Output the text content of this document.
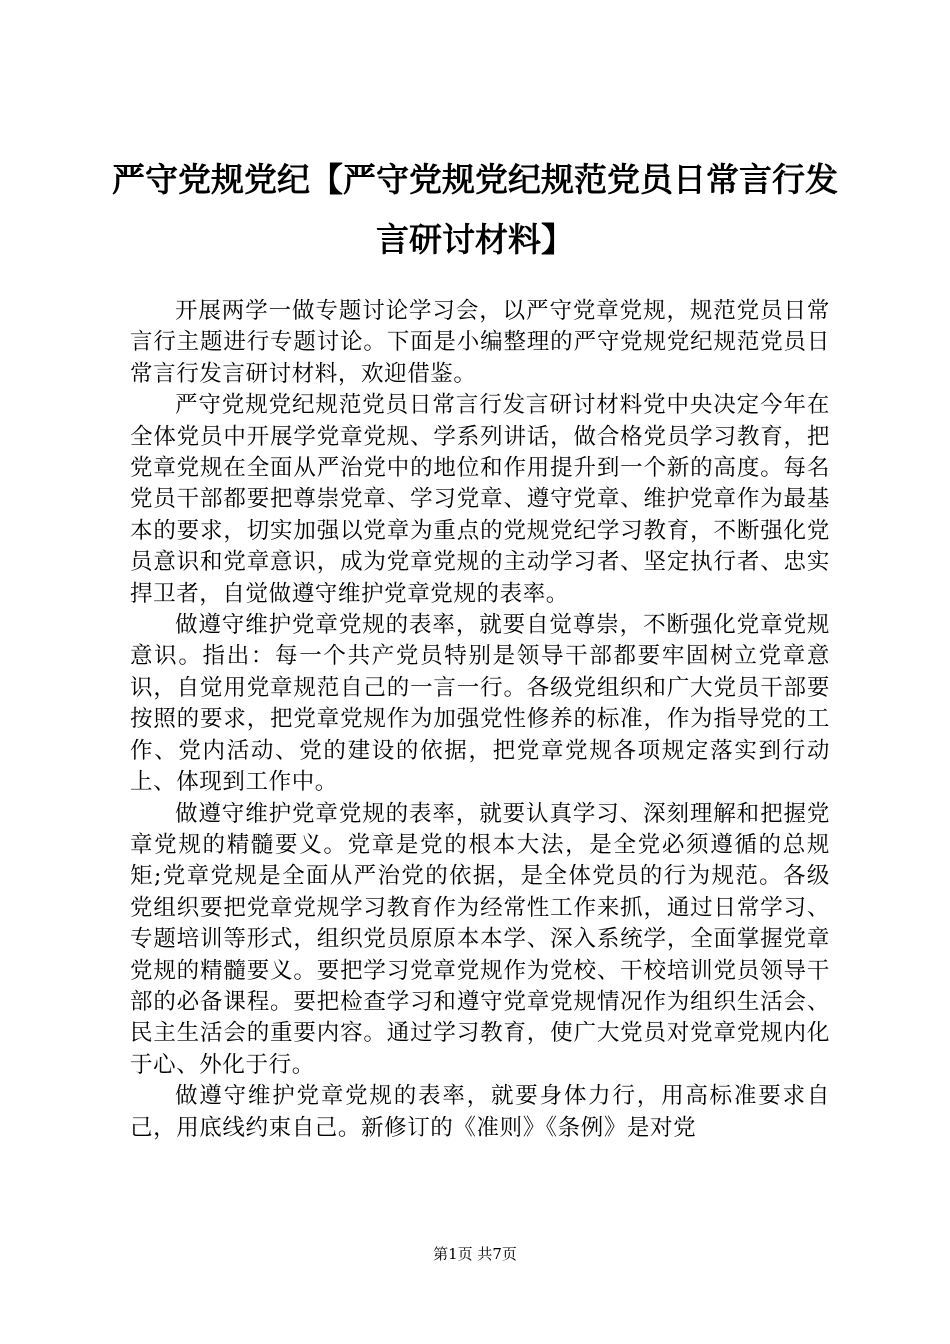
严守党规党纪【严守党规党纪规范党员日常言行发言研讨材料】

开展两学一做专题讨论学习会，以严守党章党规，规范党员日常言行主题进行专题讨论。下面是小编整理的严守党规党纪规范党员日常言行发言研讨材料，欢迎借鉴。

严守党规党纪规范党员日常言行发言研讨材料党中央决定今年在全体党员中开展学党章党规、学系列讲话，做合格党员学习教育，把党章党规在全面从严治党中的地位和作用提升到一个新的高度。每名党员干部都要把尊崇党章、学习党章、遵守党章、维护党章作为最基本的要求，切实加强以党章为重点的党规党纪学习教育，不断强化党员意识和党章意识，成为党章党规的主动学习者、坚定执行者、忠实捍卫者，自觉做遵守维护党章党规的表率。

做遵守维护党章党规的表率，就要自觉尊崇，不断强化党章党规意识。指出：每一个共产党员特别是领导干部都要牢固树立党章意识，自觉用党章规范自己的一言一行。各级党组织和广大党员干部要按照的要求，把党章党规作为加强党性修养的标准，作为指导党的工作、党内活动、党的建设的依据，把党章党规各项规定落实到行动上、体现到工作中。

做遵守维护党章党规的表率，就要认真学习、深刻理解和把握党章党规的精髓要义。党章是党的根本大法，是全党必须遵循的总规矩;党章党规是全面从严治党的依据，是全体党员的行为规范。各级党组织要把党章党规学习教育作为经常性工作来抓，通过日常学习、专题培训等形式，组织党员原原本本学、深入系统学，全面掌握党章党规的精髓要义。要把学习党章党规作为党校、干校培训党员领导干部的必备课程。要把检查学习和遵守党章党规情况作为组织生活会、民主生活会的重要内容。通过学习教育，使广大党员对党章党规内化于心、外化于行。

做遵守维护党章党规的表率，就要身体力行，用高标准要求自己，用底线约束自己。新修订的《准则》《条例》是对党

第1页 共7页
